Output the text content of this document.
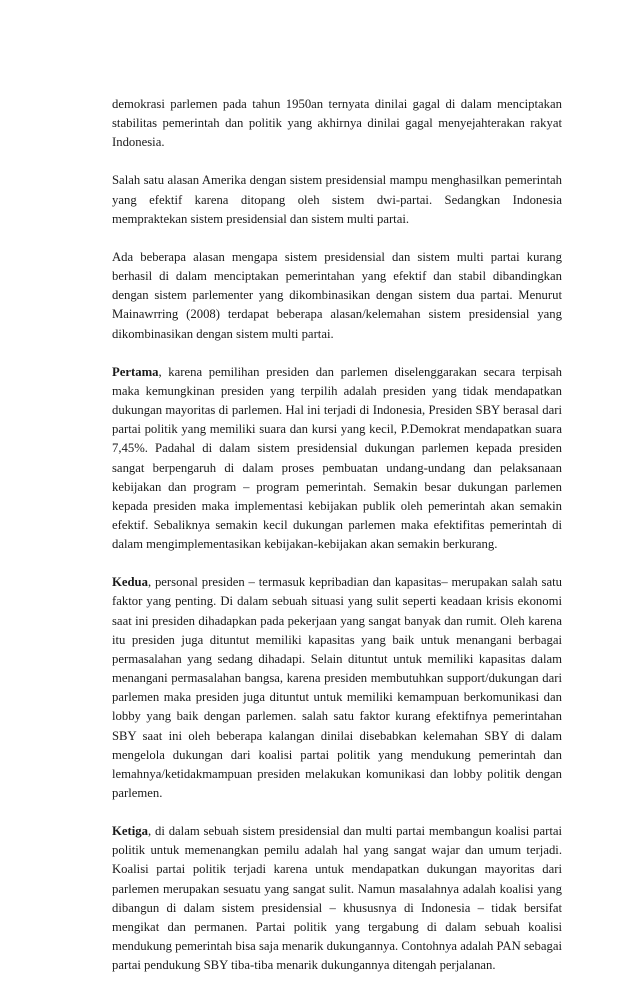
demokrasi parlemen pada tahun 1950an ternyata dinilai gagal di dalam menciptakan stabilitas pemerintah dan politik yang akhirnya dinilai gagal menyejahterakan rakyat Indonesia.

Salah satu alasan Amerika dengan sistem presidensial mampu menghasilkan pemerintah yang efektif karena ditopang oleh sistem dwi-partai. Sedangkan Indonesia mempraktekan sistem presidensial dan sistem multi partai.

Ada beberapa alasan mengapa sistem presidensial dan sistem multi partai kurang berhasil di dalam menciptakan pemerintahan yang efektif dan stabil dibandingkan dengan sistem parlementer yang dikombinasikan dengan sistem dua partai. Menurut Mainawrring (2008) terdapat beberapa alasan/kelemahan sistem presidensial yang dikombinasikan dengan sistem multi partai.

Pertama, karena pemilihan presiden dan parlemen diselenggarakan secara terpisah maka kemungkinan presiden yang terpilih adalah presiden yang tidak mendapatkan dukungan mayoritas di parlemen. Hal ini terjadi di Indonesia, Presiden SBY berasal dari partai politik yang memiliki suara dan kursi yang kecil, P.Demokrat mendapatkan suara 7,45%. Padahal di dalam sistem presidensial dukungan parlemen kepada presiden sangat berpengaruh di dalam proses pembuatan undang-undang dan pelaksanaan kebijakan dan program – program pemerintah. Semakin besar dukungan parlemen kepada presiden maka implementasi kebijakan publik oleh pemerintah akan semakin efektif. Sebaliknya semakin kecil dukungan parlemen maka efektifitas pemerintah di dalam mengimplementasikan kebijakan-kebijakan akan semakin berkurang.

Kedua, personal presiden – termasuk kepribadian dan kapasitas– merupakan salah satu faktor yang penting. Di dalam sebuah situasi yang sulit seperti keadaan krisis ekonomi saat ini presiden dihadapkan pada pekerjaan yang sangat banyak dan rumit. Oleh karena itu presiden juga dituntut memiliki kapasitas yang baik untuk menangani berbagai permasalahan yang sedang dihadapi. Selain dituntut untuk memiliki kapasitas dalam menangani permasalahan bangsa, karena presiden membutuhkan support/dukungan dari parlemen maka presiden juga dituntut untuk memiliki kemampuan berkomunikasi dan lobby yang baik dengan parlemen. salah satu faktor kurang efektifnya pemerintahan SBY saat ini oleh beberapa kalangan dinilai disebabkan kelemahan SBY di dalam mengelola dukungan dari koalisi partai politik yang mendukung pemerintah dan lemahnya/ketidakmampuan presiden melakukan komunikasi dan lobby politik dengan parlemen.

Ketiga, di dalam sebuah sistem presidensial dan multi partai membangun koalisi partai politik untuk memenangkan pemilu adalah hal yang sangat wajar dan umum terjadi. Koalisi partai politik terjadi karena untuk mendapatkan dukungan mayoritas dari parlemen merupakan sesuatu yang sangat sulit. Namun masalahnya adalah koalisi yang dibangun di dalam sistem presidensial – khususnya di Indonesia – tidak bersifat mengikat dan permanen. Partai politik yang tergabung di dalam sebuah koalisi mendukung pemerintah bisa saja menarik dukungannya. Contohnya adalah PAN sebagai partai pendukung SBY tiba-tiba menarik dukungannya ditengah perjalanan.
